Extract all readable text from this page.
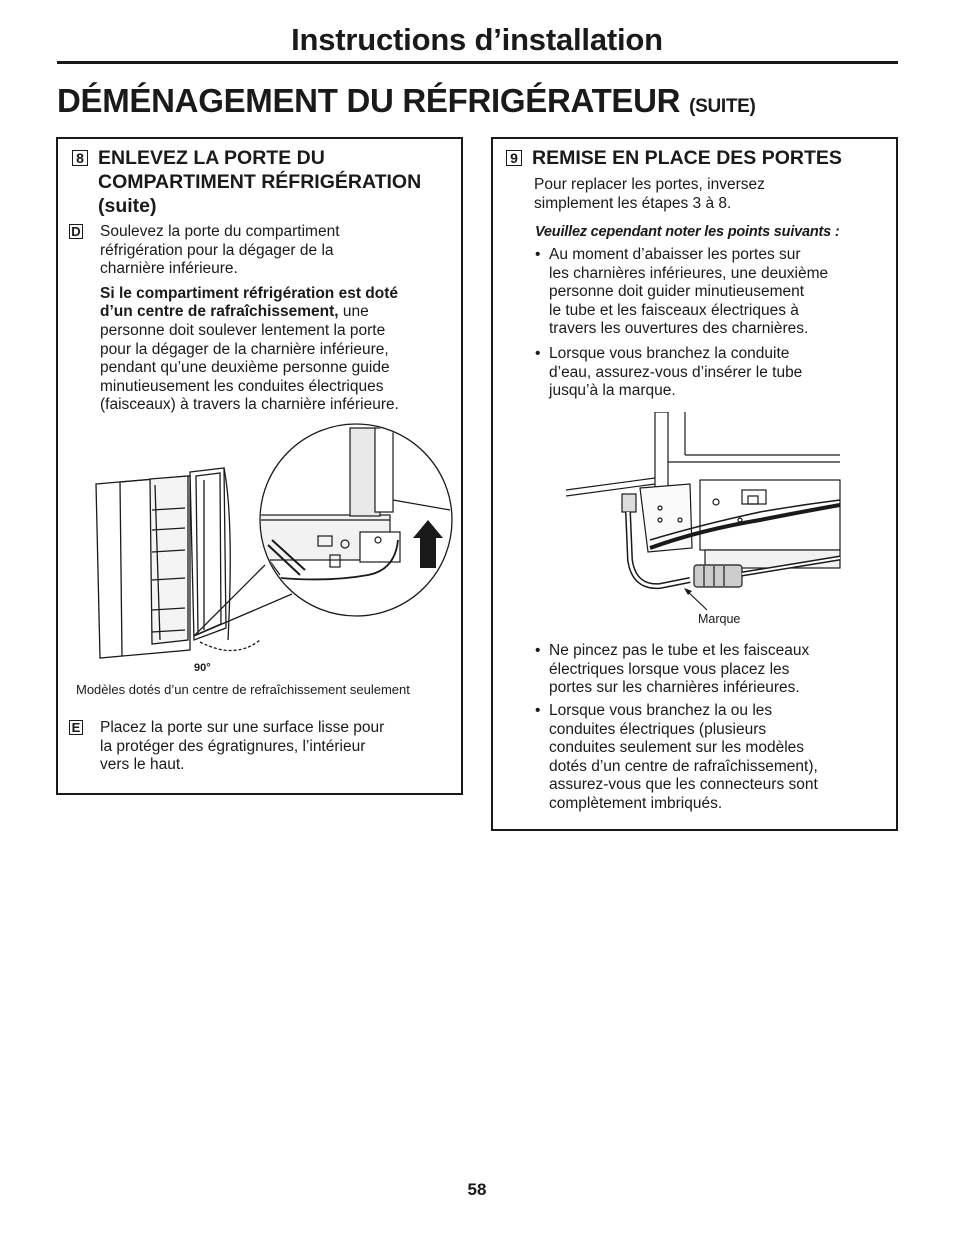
Instructions d’installation
DÉMÉNAGEMENT DU RÉFRIGÉRATEUR (SUITE)
8 ENLEVEZ LA PORTE DU
COMPARTIMENT RÉFRIGÉRATION
(suite)
D Soulevez la porte du compartiment
réfrigération pour la dégager de la
charnière inférieure.
Si le compartiment réfrigération est doté
d’un centre de rafraîchissement, une
personne doit soulever lentement la porte
pour la dégager de la charnière inférieure,
pendant qu’une deuxième personne guide
minutieusement les conduites électriques
(faisceaux) à travers la charnière inférieure.
90°
Modèles dotés d’un centre de refraîchissement seulement
E Placez la porte sur une surface lisse pour
la protéger des égratignures, l’intérieur
vers le haut.
9 REMISE EN PLACE DES PORTES
Pour replacer les portes, inversez
simplement les étapes 3 à 8.
Veuillez cependant noter les points suivants :
• Au moment d’abaisser les portes sur
les charnières inférieures, une deuxième
personne doit guider minutieusement
le tube et les faisceaux électriques à
travers les ouvertures des charnières.
• Lorsque vous branchez la conduite
d’eau, assurez-vous d’insérer le tube
jusqu’à la marque.
Marque
• Ne pincez pas le tube et les faisceaux
électriques lorsque vous placez les
portes sur les charnières inférieures.
• Lorsque vous branchez la ou les
conduites électriques (plusieurs
conduites seulement sur les modèles
dotés d’un centre de rafraîchissement),
assurez-vous que les connecteurs sont
complètement imbriqués.
58
